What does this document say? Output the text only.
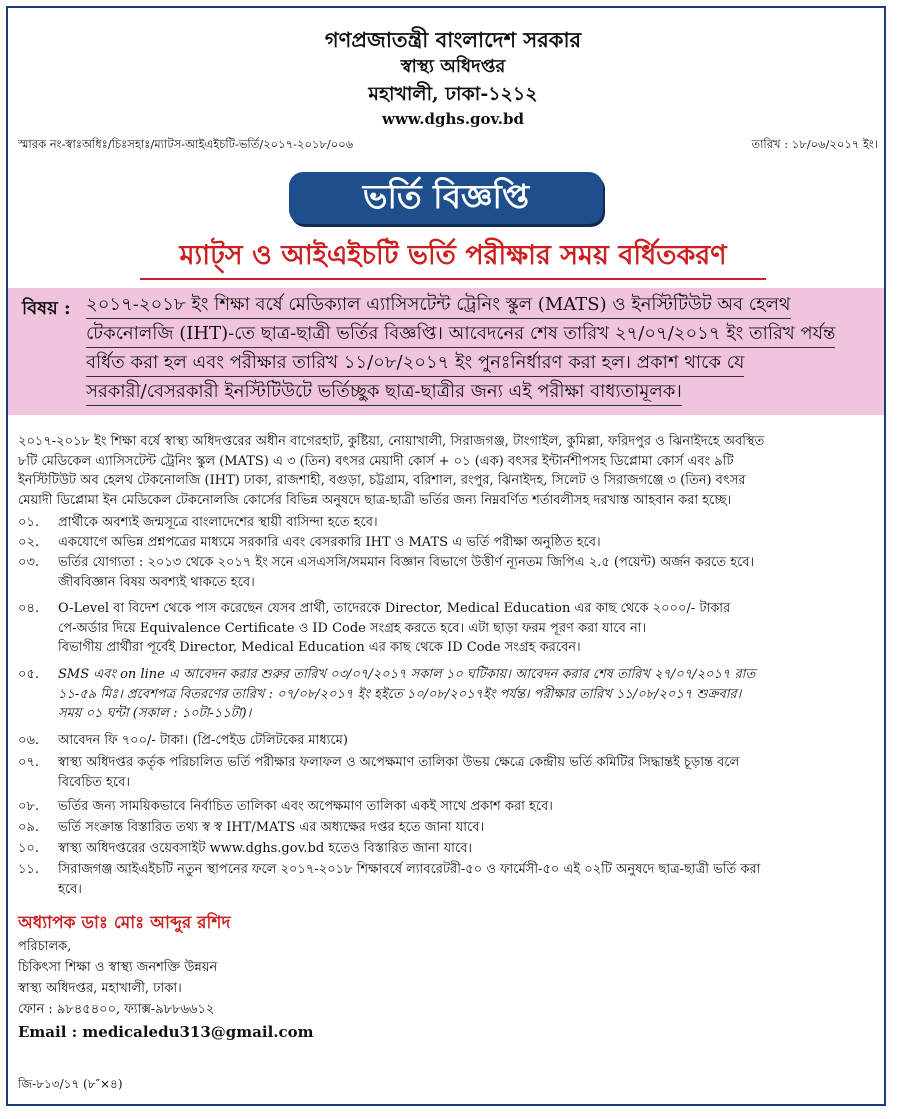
গণপ্রজাতন্ত্রী বাংলাদেশ সরকার
স্বাস্থ্য অধিদপ্তর
মহাখালী, ঢাকা-১২১২
www.dghs.gov.bd
স্মারক নং-স্বাঃঅধিঃ/চিঃসহাঃ/ম্যাটস-আইএইচটি-ভর্তি/২০১৭-২০১৮/০০৬	তারিখ : ১৮/০৬/২০১৭ ইং।
ভর্তি বিজ্ঞপ্তি
ম্যাট্স ও আইএইচটি ভর্তি পরীক্ষার সময় বর্ধিতকরণ
বিষয় : ২০১৭-২০১৮ ইং শিক্ষা বর্ষে মেডিক্যাল এ্যাসিসটেন্ট ট্রেনিং স্কুল (MATS) ও ইনস্টিটিউট অব হেলথ
টেকনোলজি (IHT)-তে ছাত্র-ছাত্রী ভর্তির বিজ্ঞপ্তি। আবেদনের শেষ তারিখ ২৭/০৭/২০১৭ ইং তারিখ পর্যন্ত
বর্ধিত করা হল এবং পরীক্ষার তারিখ ১১/০৮/২০১৭ ইং পুনঃনির্ধারণ করা হল। প্রকাশ থাকে যে
সরকারী/বেসরকারী ইনস্টিটিউটে ভর্তিচ্ছুক ছাত্র-ছাত্রীর জন্য এই পরীক্ষা বাধ্যতামূলক।
২০১৭-২০১৮ ইং শিক্ষা বর্ষে স্বাস্থ্য অধিদপ্তরের অধীন বাগেরহাট, কুষ্টিয়া, নোয়াখালী, সিরাজগঞ্জ, টাংগাইল, কুমিল্লা, ফরিদপুর ও ঝিনাইদহে অবস্থিত
৮টি মেডিকেল এ্যাসিসটেন্ট ট্রেনিং স্কুল (MATS) এ ৩ (তিন) বৎসর মেয়াদী কোর্স + ০১ (এক) বৎসর ইন্টার্নশীপসহ ডিপ্লোমা কোর্স এবং ৯টি
ইনস্টিটিউট অব হেলথ টেকনোলজি (IHT) ঢাকা, রাজশাহী, বগুড়া, চট্টগ্রাম, বরিশাল, রংপুর, ঝিনাইদহ, সিলেট ও সিরাজগঞ্জে ৩ (তিন) বৎসর
মেয়াদী ডিপ্লোমা ইন মেডিকেল টেকনোলজি কোর্সের বিভিন্ন অনুষদে ছাত্র-ছাত্রী ভর্তির জন্য নিম্নবর্ণিত শর্তাবলীসহ দরখাস্ত আহবান করা হচ্ছে।
০১.	প্রার্থীকে অবশ্যই জন্মসূত্রে বাংলাদেশের স্থায়ী বাসিন্দা হতে হবে।
০২.	একযোগে অভিন্ন প্রশ্নপত্রের মাধ্যমে সরকারি এবং বেসরকারি IHT ও MATS এ ভর্তি পরীক্ষা অনুষ্ঠিত হবে।
০৩.	ভর্তির যোগ্যতা : ২০১৩ থেকে ২০১৭ ইং সনে এসএসসি/সমমান বিজ্ঞান বিভাগে উত্তীর্ণ ন্যূনতম জিপিএ ২.৫ (পয়েন্ট) অর্জন করতে হবে।
জীববিজ্ঞান বিষয় অবশ্যই থাকতে হবে।
০৪.	O-Level বা বিদেশ থেকে পাস করেছেন যেসব প্রার্থী, তাদেরকে Director, Medical Education এর কাছ থেকে ২০০০/- টাকার
পে-অর্ডার দিয়ে Equivalence Certificate ও ID Code সংগ্রহ করতে হবে। এটা ছাড়া ফরম পূরণ করা যাবে না।
বিভাগীয় প্রার্থীরা পূর্বেই Director, Medical Education এর কাছ থেকে ID Code সংগ্রহ করবেন।
০৫.	SMS এবং on line এ আবেদন করার শুরুর তারিখ ০৩/০৭/২০১৭ সকাল ১০ ঘটিকায়। আবেদন করার শেষ তারিখ ২৭/০৭/২০১৭ রাত
১১-৫৯ মিঃ। প্রবেশপত্র বিতরণের তারিখ : ০৭/০৮/২০১৭ ইং হইতে ১০/০৮/২০১৭ইং পর্যন্ত। পরীক্ষার তারিখ ১১/০৮/২০১৭ শুক্রবার।
সময় ০১ ঘন্টা (সকাল : ১০টা-১১টা)।
০৬.	আবেদন ফি ৭০০/- টাকা। (প্রি-পেইড টেলিটকের মাধ্যমে)
০৭.	স্বাস্থ্য অধিদপ্তর কর্তৃক পরিচালিত ভর্তি পরীক্ষার ফলাফল ও অপেক্ষমাণ তালিকা উভয় ক্ষেত্রে কেন্দ্রীয় ভর্তি কমিটির সিদ্ধান্তই চূড়ান্ত বলে
বিবেচিত হবে।
০৮.	ভর্তির জন্য সাময়িকভাবে নির্বাচিত তালিকা এবং অপেক্ষমাণ তালিকা একই সাথে প্রকাশ করা হবে।
০৯.	ভর্তি সংক্রান্ত বিস্তারিত তথ্য স্ব স্ব IHT/MATS এর অধ্যক্ষের দপ্তর হতে জানা যাবে।
১০.	স্বাস্থ্য অধিদপ্তরের ওয়েবসাইট www.dghs.gov.bd হতেও বিস্তারিত জানা যাবে।
১১.	সিরাজগঞ্জ আইএইচটি নতুন স্থাপনের ফলে ২০১৭-২০১৮ শিক্ষাবর্ষে ল্যাবরেটরী-৫০ ও ফার্মেসী-৫০ এই ০২টি অনুষদে ছাত্র-ছাত্রী ভর্তি করা
হবে।
অধ্যাপক ডাঃ মোঃ আব্দুর রশিদ
পরিচালক,
চিকিৎসা শিক্ষা ও স্বাস্থ্য জনশক্তি উন্নয়ন
স্বাস্থ্য অধিদপ্তর, মহাখালী, ঢাকা।
ফোন : ৯৮৪৫৪০০, ফ্যাক্স-৯৮৮৬৬১২
Email : medicaledu313@gmail.com
জি-৮১৩/১৭ (৮″×৪)
